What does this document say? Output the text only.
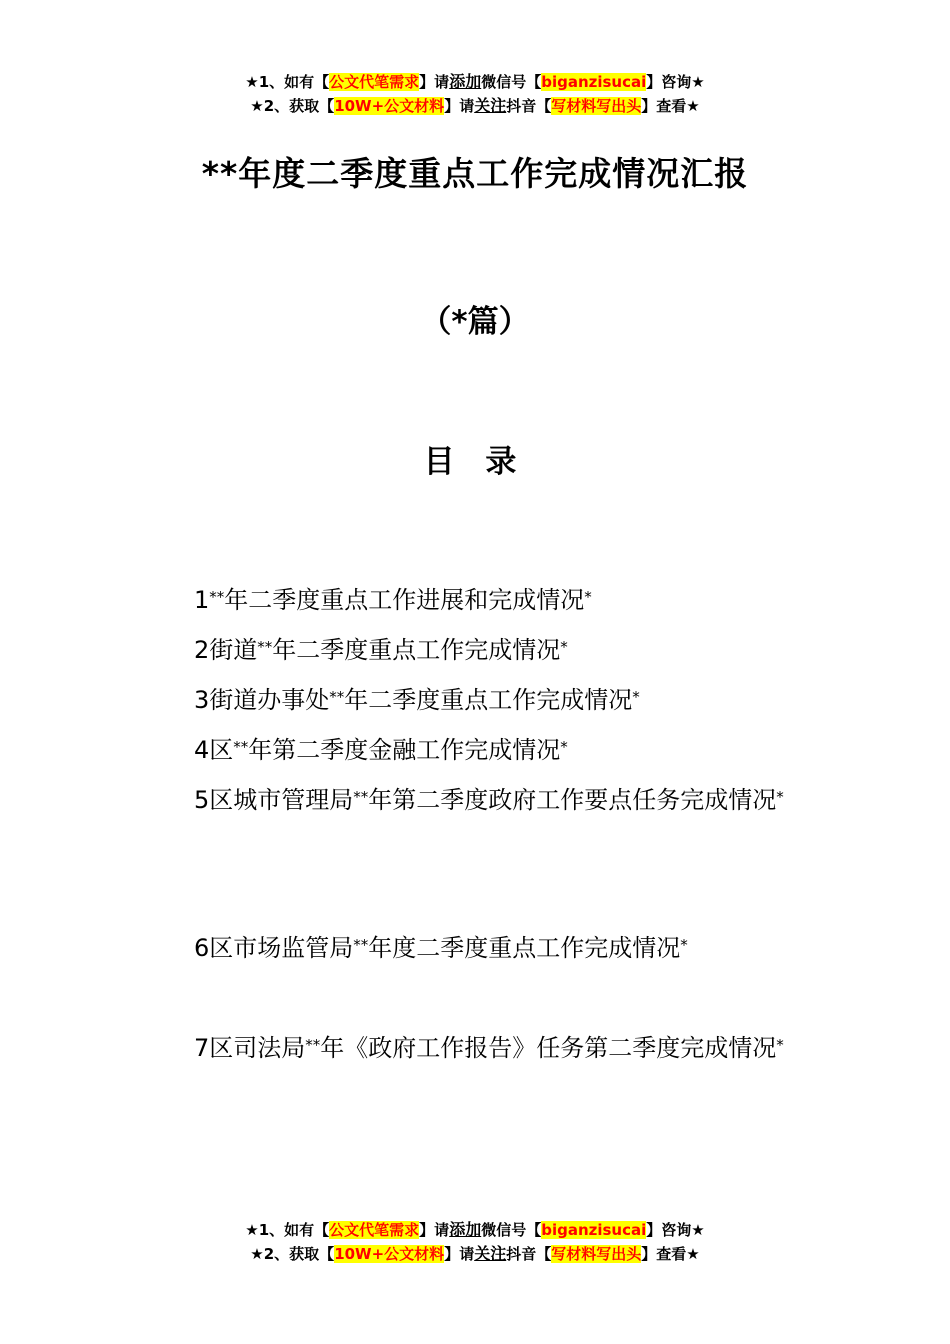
★1、如有【公文代笔需求】请添加微信号【biganzisucai】咨询★
★2、获取【10W+公文材料】请关注抖音【写材料写出头】查看★
**年度二季度重点工作完成情况汇报
（*篇）
目 录
1**年二季度重点工作进展和完成情况*
2街道**年二季度重点工作完成情况*
3街道办事处**年二季度重点工作完成情况*
4区**年第二季度金融工作完成情况*
5区城市管理局**年第二季度政府工作要点任务完成情况*
6区市场监管局**年度二季度重点工作完成情况*
7区司法局**年《政府工作报告》任务第二季度完成情况*
★1、如有【公文代笔需求】请添加微信号【biganzisucai】咨询★
★2、获取【10W+公文材料】请关注抖音【写材料写出头】查看★
